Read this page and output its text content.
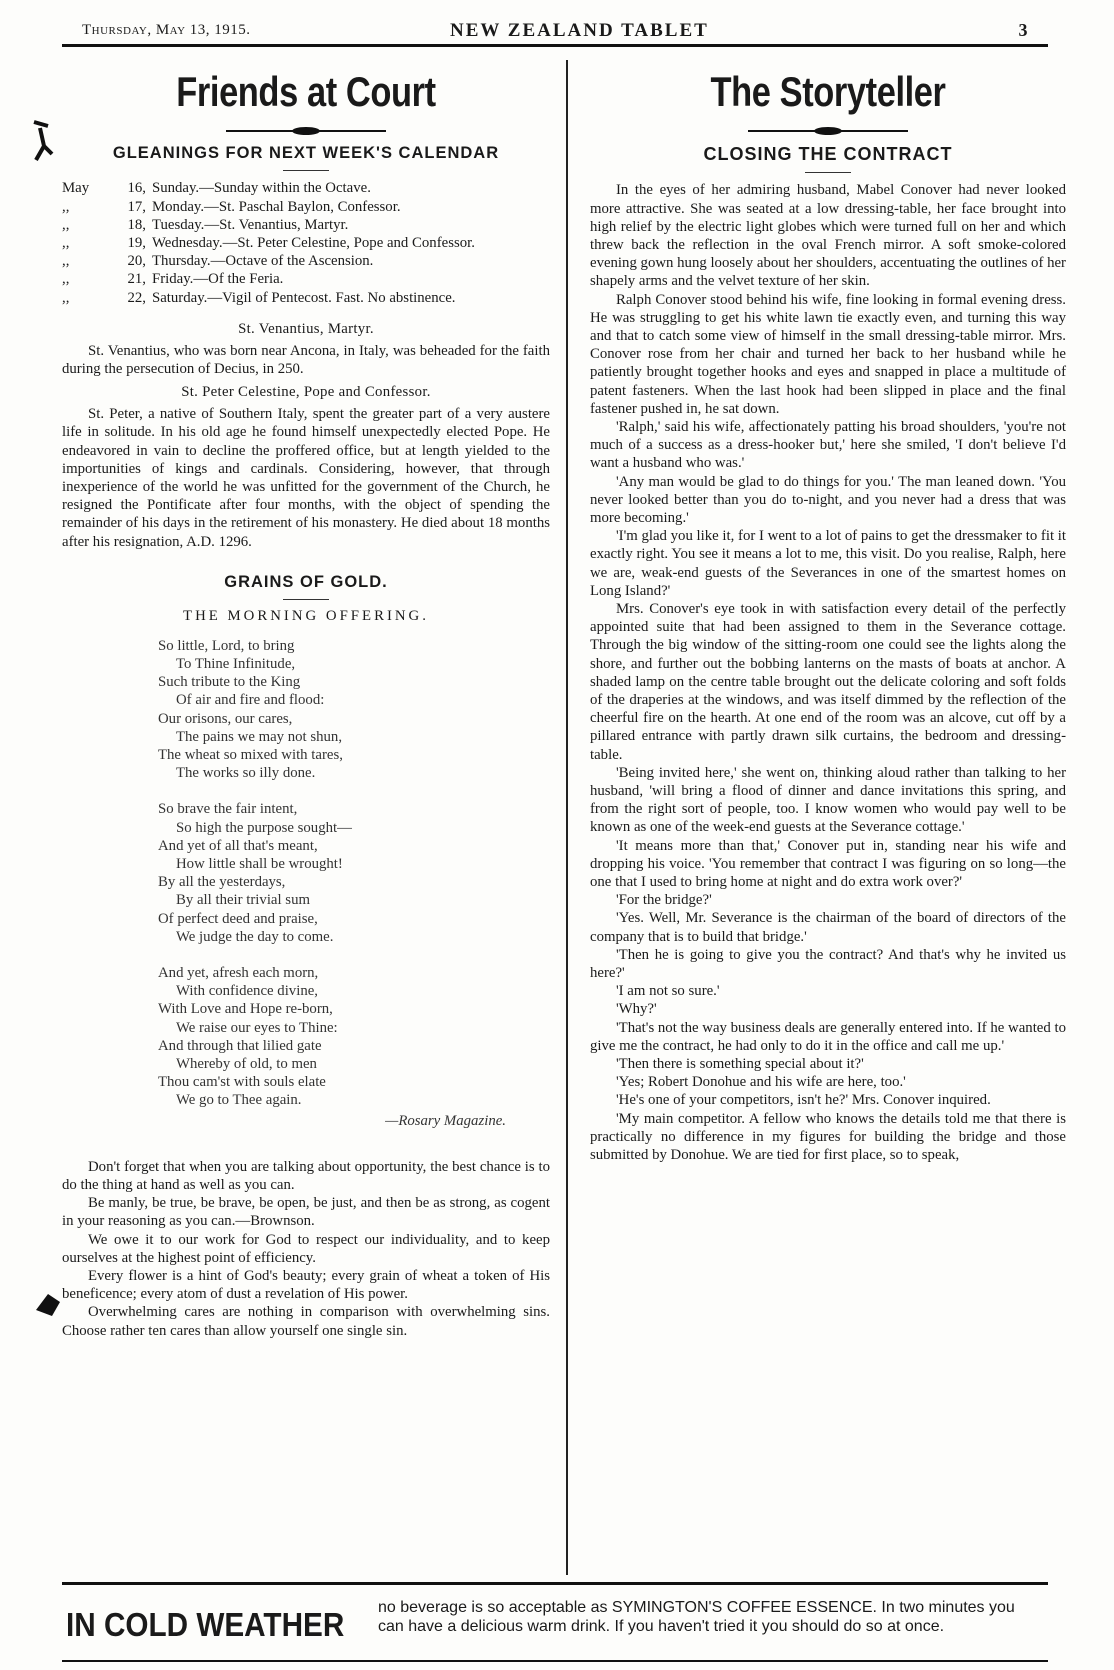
Thursday, May 13, 1915.	NEW ZEALAND TABLET	3
Friends at Court
GLEANINGS FOR NEXT WEEK'S CALENDAR
May	16, Sunday.—Sunday within the Octave.
,,	17, Monday.—St. Paschal Baylon, Confessor.
,,	18, Tuesday.—St. Venantius, Martyr.
,,	19, Wednesday.—St. Peter Celestine, Pope and Confessor.
,,	20, Thursday.—Octave of the Ascension.
,,	21, Friday.—Of the Feria.
,,	22, Saturday.—Vigil of Pentecost. Fast. No abstinence.
St. Venantius, Martyr.

St. Venantius, who was born near Ancona, in Italy, was beheaded for the faith during the persecution of Decius, in 250.

St. Peter Celestine, Pope and Confessor.

St. Peter, a native of Southern Italy, spent the greater part of a very austere life in solitude. In his old age he found himself unexpectedly elected Pope. He endeavored in vain to decline the proffered office, but at length yielded to the importunities of kings and cardinals. Considering, however, that through inexperience of the world he was unfitted for the government of the Church, he resigned the Pontificate after four months, with the object of spending the remainder of his days in the retirement of his monastery. He died about 18 months after his resignation, A.D. 1296.

GRAINS OF GOLD.
THE MORNING OFFERING.
So little, Lord, to bring
To Thine Infinitude,
Such tribute to the King
Of air and fire and flood:
Our orisons, our cares,
The pains we may not shun,
The wheat so mixed with tares,
The works so illy done.
So brave the fair intent,
So high the purpose sought—
And yet of all that's meant,
How little shall be wrought!
By all the yesterdays,
By all their trivial sum
Of perfect deed and praise,
We judge the day to come.
And yet, afresh each morn,
With confidence divine,
With Love and Hope re-born,
We raise our eyes to Thine:
And through that lilied gate
Whereby of old, to men
Thou cam'st with souls elate
We go to Thee again.
—Rosary Magazine.

Don't forget that when you are talking about opportunity, the best chance is to do the thing at hand as well as you can.

Be manly, be true, be brave, be open, be just, and then be as strong, as cogent in your reasoning as you can.—Brownson.

We owe it to our work for God to respect our individuality, and to keep ourselves at the highest point of efficiency.

Every flower is a hint of God's beauty; every grain of wheat a token of His beneficence; every atom of dust a revelation of His power.

Overwhelming cares are nothing in comparison with overwhelming sins. Choose rather ten cares than allow yourself one single sin.

The Storyteller
CLOSING THE CONTRACT

In the eyes of her admiring husband, Mabel Conover had never looked more attractive. She was seated at a low dressing-table, her face brought into high relief by the electric light globes which were turned full on her and which threw back the reflection in the oval French mirror. A soft smoke-colored evening gown hung loosely about her shoulders, accentuating the outlines of her shapely arms and the velvet texture of her skin.

Ralph Conover stood behind his wife, fine looking in formal evening dress. He was struggling to get his white lawn tie exactly even, and turning this way and that to catch some view of himself in the small dressing-table mirror. Mrs. Conover rose from her chair and turned her back to her husband while he patiently brought together hooks and eyes and snapped in place a multitude of patent fasteners. When the last hook had been slipped in place and the final fastener pushed in, he sat down.

'Ralph,' said his wife, affectionately patting his broad shoulders, 'you're not much of a success as a dress-hooker but,' here she smiled, 'I don't believe I'd want a husband who was.'

'Any man would be glad to do things for you.' The man leaned down. 'You never looked better than you do to-night, and you never had a dress that was more becoming.'

'I'm glad you like it, for I went to a lot of pains to get the dressmaker to fit it exactly right. You see it means a lot to me, this visit. Do you realise, Ralph, here we are, weak-end guests of the Severances in one of the smartest homes on Long Island?'

Mrs. Conover's eye took in with satisfaction every detail of the perfectly appointed suite that had been assigned to them in the Severance cottage. Through the big window of the sitting-room one could see the lights along the shore, and further out the bobbing lanterns on the masts of boats at anchor. A shaded lamp on the centre table brought out the delicate coloring and soft folds of the draperies at the windows, and was itself dimmed by the reflection of the cheerful fire on the hearth. At one end of the room was an alcove, cut off by a pillared entrance with partly drawn silk curtains, the bedroom and dressing-table.

'Being invited here,' she went on, thinking aloud rather than talking to her husband, 'will bring a flood of dinner and dance invitations this spring, and from the right sort of people, too. I know women who would pay well to be known as one of the week-end guests at the Severance cottage.'

'It means more than that,' Conover put in, standing near his wife and dropping his voice. 'You remember that contract I was figuring on so long—the one that I used to bring home at night and do extra work over?'

'For the bridge?'

'Yes. Well, Mr. Severance is the chairman of the board of directors of the company that is to build that bridge.'

'Then he is going to give you the contract? And that's why he invited us here?'

'I am not so sure.'

'Why?'

'That's not the way business deals are generally entered into. If he wanted to give me the contract, he had only to do it in the office and call me up.'

'Then there is something special about it?'

'Yes; Robert Donohue and his wife are here, too.'

'He's one of your competitors, isn't he?' Mrs. Conover inquired.

'My main competitor. A fellow who knows the details told me that there is practically no difference in my figures for building the bridge and those submitted by Donohue. We are tied for first place, so to speak,

IN COLD WEATHER no beverage is so acceptable as SYMINGTON'S COFFEE ESSENCE. In two minutes you can have a delicious warm drink. If you haven't tried it you should do so at once.
